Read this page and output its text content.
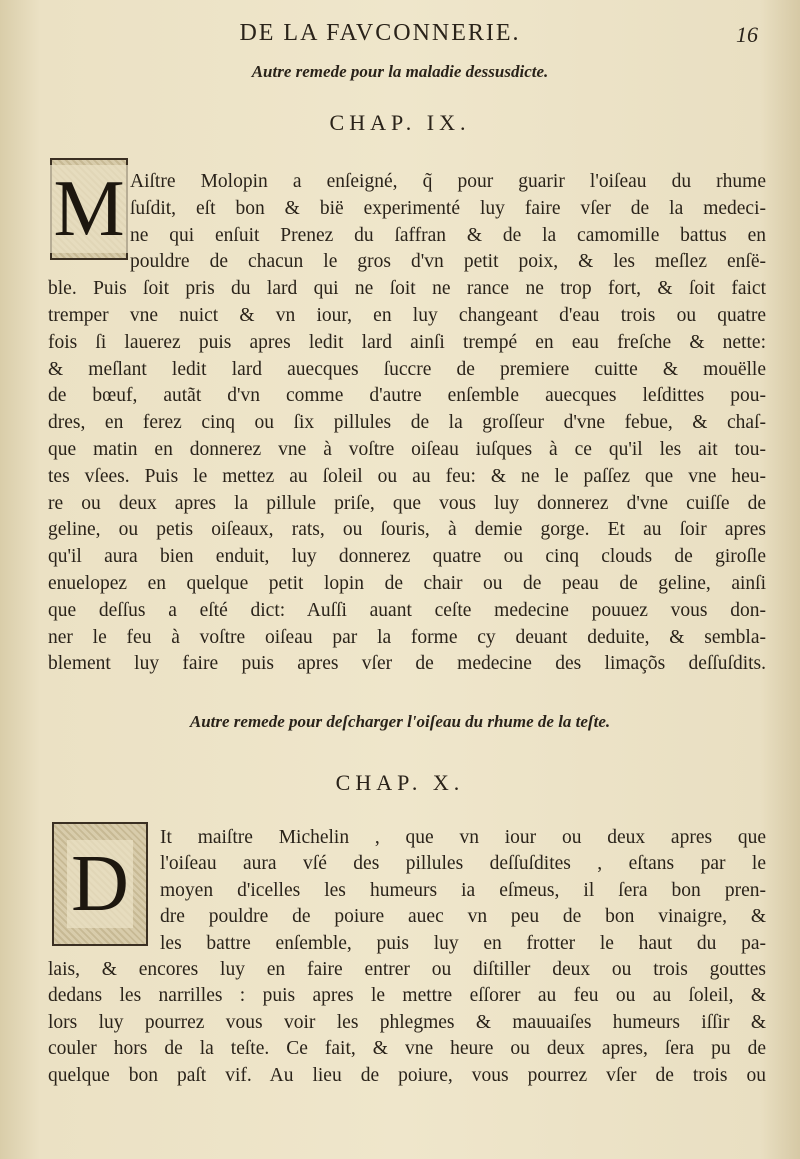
DE LA FAVCONNERIE.	16
Autre remede pour la maladie dessusdicte.
CHAP. IX.
M Aiſtre Molopin a enſeigné, q̃ pour guarir l'oiſeau du rhume
ſuſdit, eſt bon & bië experimenté luy faire vſer de la medeci-
ne qui enſuit Prenez du ſaffran & de la camomille battus en
pouldre de chacun le gros d'vn petit poix, & les meſlez enſë-
ble. Puis ſoit pris du lard qui ne ſoit ne rance ne trop fort, & ſoit faict
tremper vne nuict & vn iour, en luy changeant d'eau trois ou quatre
fois ſi lauerez puis apres ledit lard ainſi trempé en eau freſche & nette:
& meſlant ledit lard auecques ſuccre de premiere cuitte & mouëlle
de bœuf, autãt d'vn comme d'autre enſemble auecques leſdittes pou-
dres, en ferez cinq ou ſix pillules de la groſſeur d'vne febue, & chaſ-
que matin en donnerez vne à voſtre oiſeau iuſques à ce qu'il les ait tou-
tes vſees. Puis le mettez au ſoleil ou au feu: & ne le paſſez que vne heu-
re ou deux apres la pillule priſe, que vous luy donnerez d'vne cuiſſe de
geline, ou petis oiſeaux, rats, ou ſouris, à demie gorge. Et au ſoir apres
qu'il aura bien enduit, luy donnerez quatre ou cinq clouds de giroſle
enuelopez en quelque petit lopin de chair ou de peau de geline, ainſi
que deſſus a eſté dict: Auſſi auant ceſte medecine pouuez vous don-
ner le feu à voſtre oiſeau par la forme cy deuant deduite, & sembla-
blement luy faire puis apres vſer de medecine des limaçõs deſſuſdits.
Autre remede pour deſcharger l'oiſeau du rhume de la teſte.
CHAP. X.
D
It maiſtre Michelin , que vn iour ou deux apres que
l'oiſeau aura vſé des pillules deſſuſdites , eſtans par le
moyen d'icelles les humeurs ia eſmeus, il ſera bon pren-
dre pouldre de poiure auec vn peu de bon vinaigre, &
les battre enſemble, puis luy en frotter le haut du pa-
lais, & encores luy en faire entrer ou diſtiller deux ou trois gouttes
dedans les narrilles : puis apres le mettre eſſorer au feu ou au ſoleil, &
lors luy pourrez vous voir les phlegmes & mauuaiſes humeurs iſſir &
couler hors de la teſte. Ce fait, & vne heure ou deux apres, ſera pu de
quelque bon paſt vif. Au lieu de poiure, vous pourrez vſer de trois ou
